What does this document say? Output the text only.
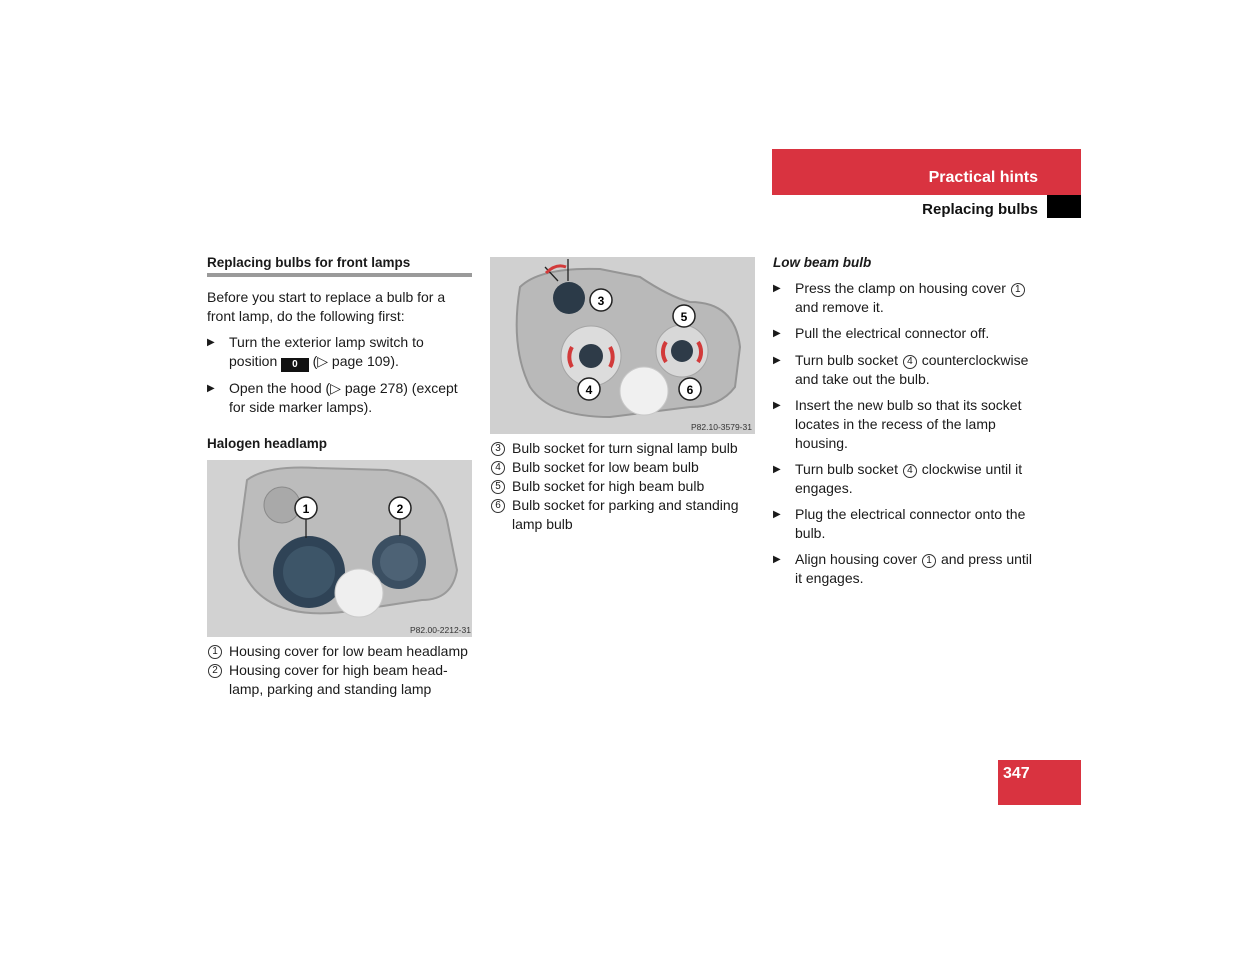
Practical hints
Replacing bulbs
Replacing bulbs for front lamps

Before you start to replace a bulb for a front lamp, do the following first:

▶	Turn the exterior lamp switch to position 0 (▷ page 109).
▶	Open the hood (▷ page 278) (except for side marker lamps).
Halogen headlamp
1	2
P82.00-2212-31
1 Housing cover for low beam headlamp
2 Housing cover for high beam head-lamp, parking and standing lamp
3
4
5
6
P82.10-3579-31
3 Bulb socket for turn signal lamp bulb
4 Bulb socket for low beam bulb
5 Bulb socket for high beam bulb
6 Bulb socket for parking and standing lamp bulb
Low beam bulb
▶	Press the clamp on housing cover 1 and remove it.
▶	Pull the electrical connector off.
▶	Turn bulb socket 4 counterclockwise and take out the bulb.
▶	Insert the new bulb so that its socket locates in the recess of the lamp housing.
▶	Turn bulb socket 4 clockwise until it engages.
▶	Plug the electrical connector onto the bulb.
▶	Align housing cover 1 and press until it engages.
347
